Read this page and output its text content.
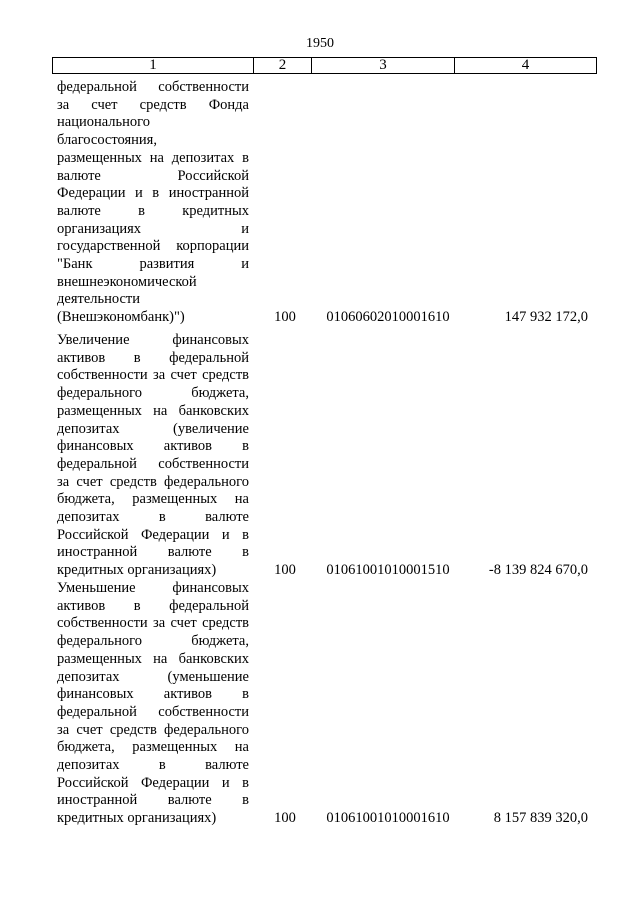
1950
1	2	3	4
федеральной собственности
за счет средств Фонда
национального
благосостояния,
размещенных на депозитах в
валюте Российской
Федерации и в иностранной
валюте в кредитных
организациях и
государственной корпорации
"Банк развития и
внешнеэкономической
деятельности
(Внешэкономбанк)")	100	01060602010001610	147 932 172,0
Увеличение финансовых
активов в федеральной
собственности за счет средств
федерального бюджета,
размещенных на банковских
депозитах (увеличение
финансовых активов в
федеральной собственности
за счет средств федерального
бюджета, размещенных на
депозитах в валюте
Российской Федерации и в
иностранной валюте в
кредитных организациях)	100	01061001010001510	-8 139 824 670,0
Уменьшение финансовых
активов в федеральной
собственности за счет средств
федерального бюджета,
размещенных на банковских
депозитах (уменьшение
финансовых активов в
федеральной собственности
за счет средств федерального
бюджета, размещенных на
депозитах в валюте
Российской Федерации и в
иностранной валюте в
кредитных организациях)	100	01061001010001610	8 157 839 320,0
